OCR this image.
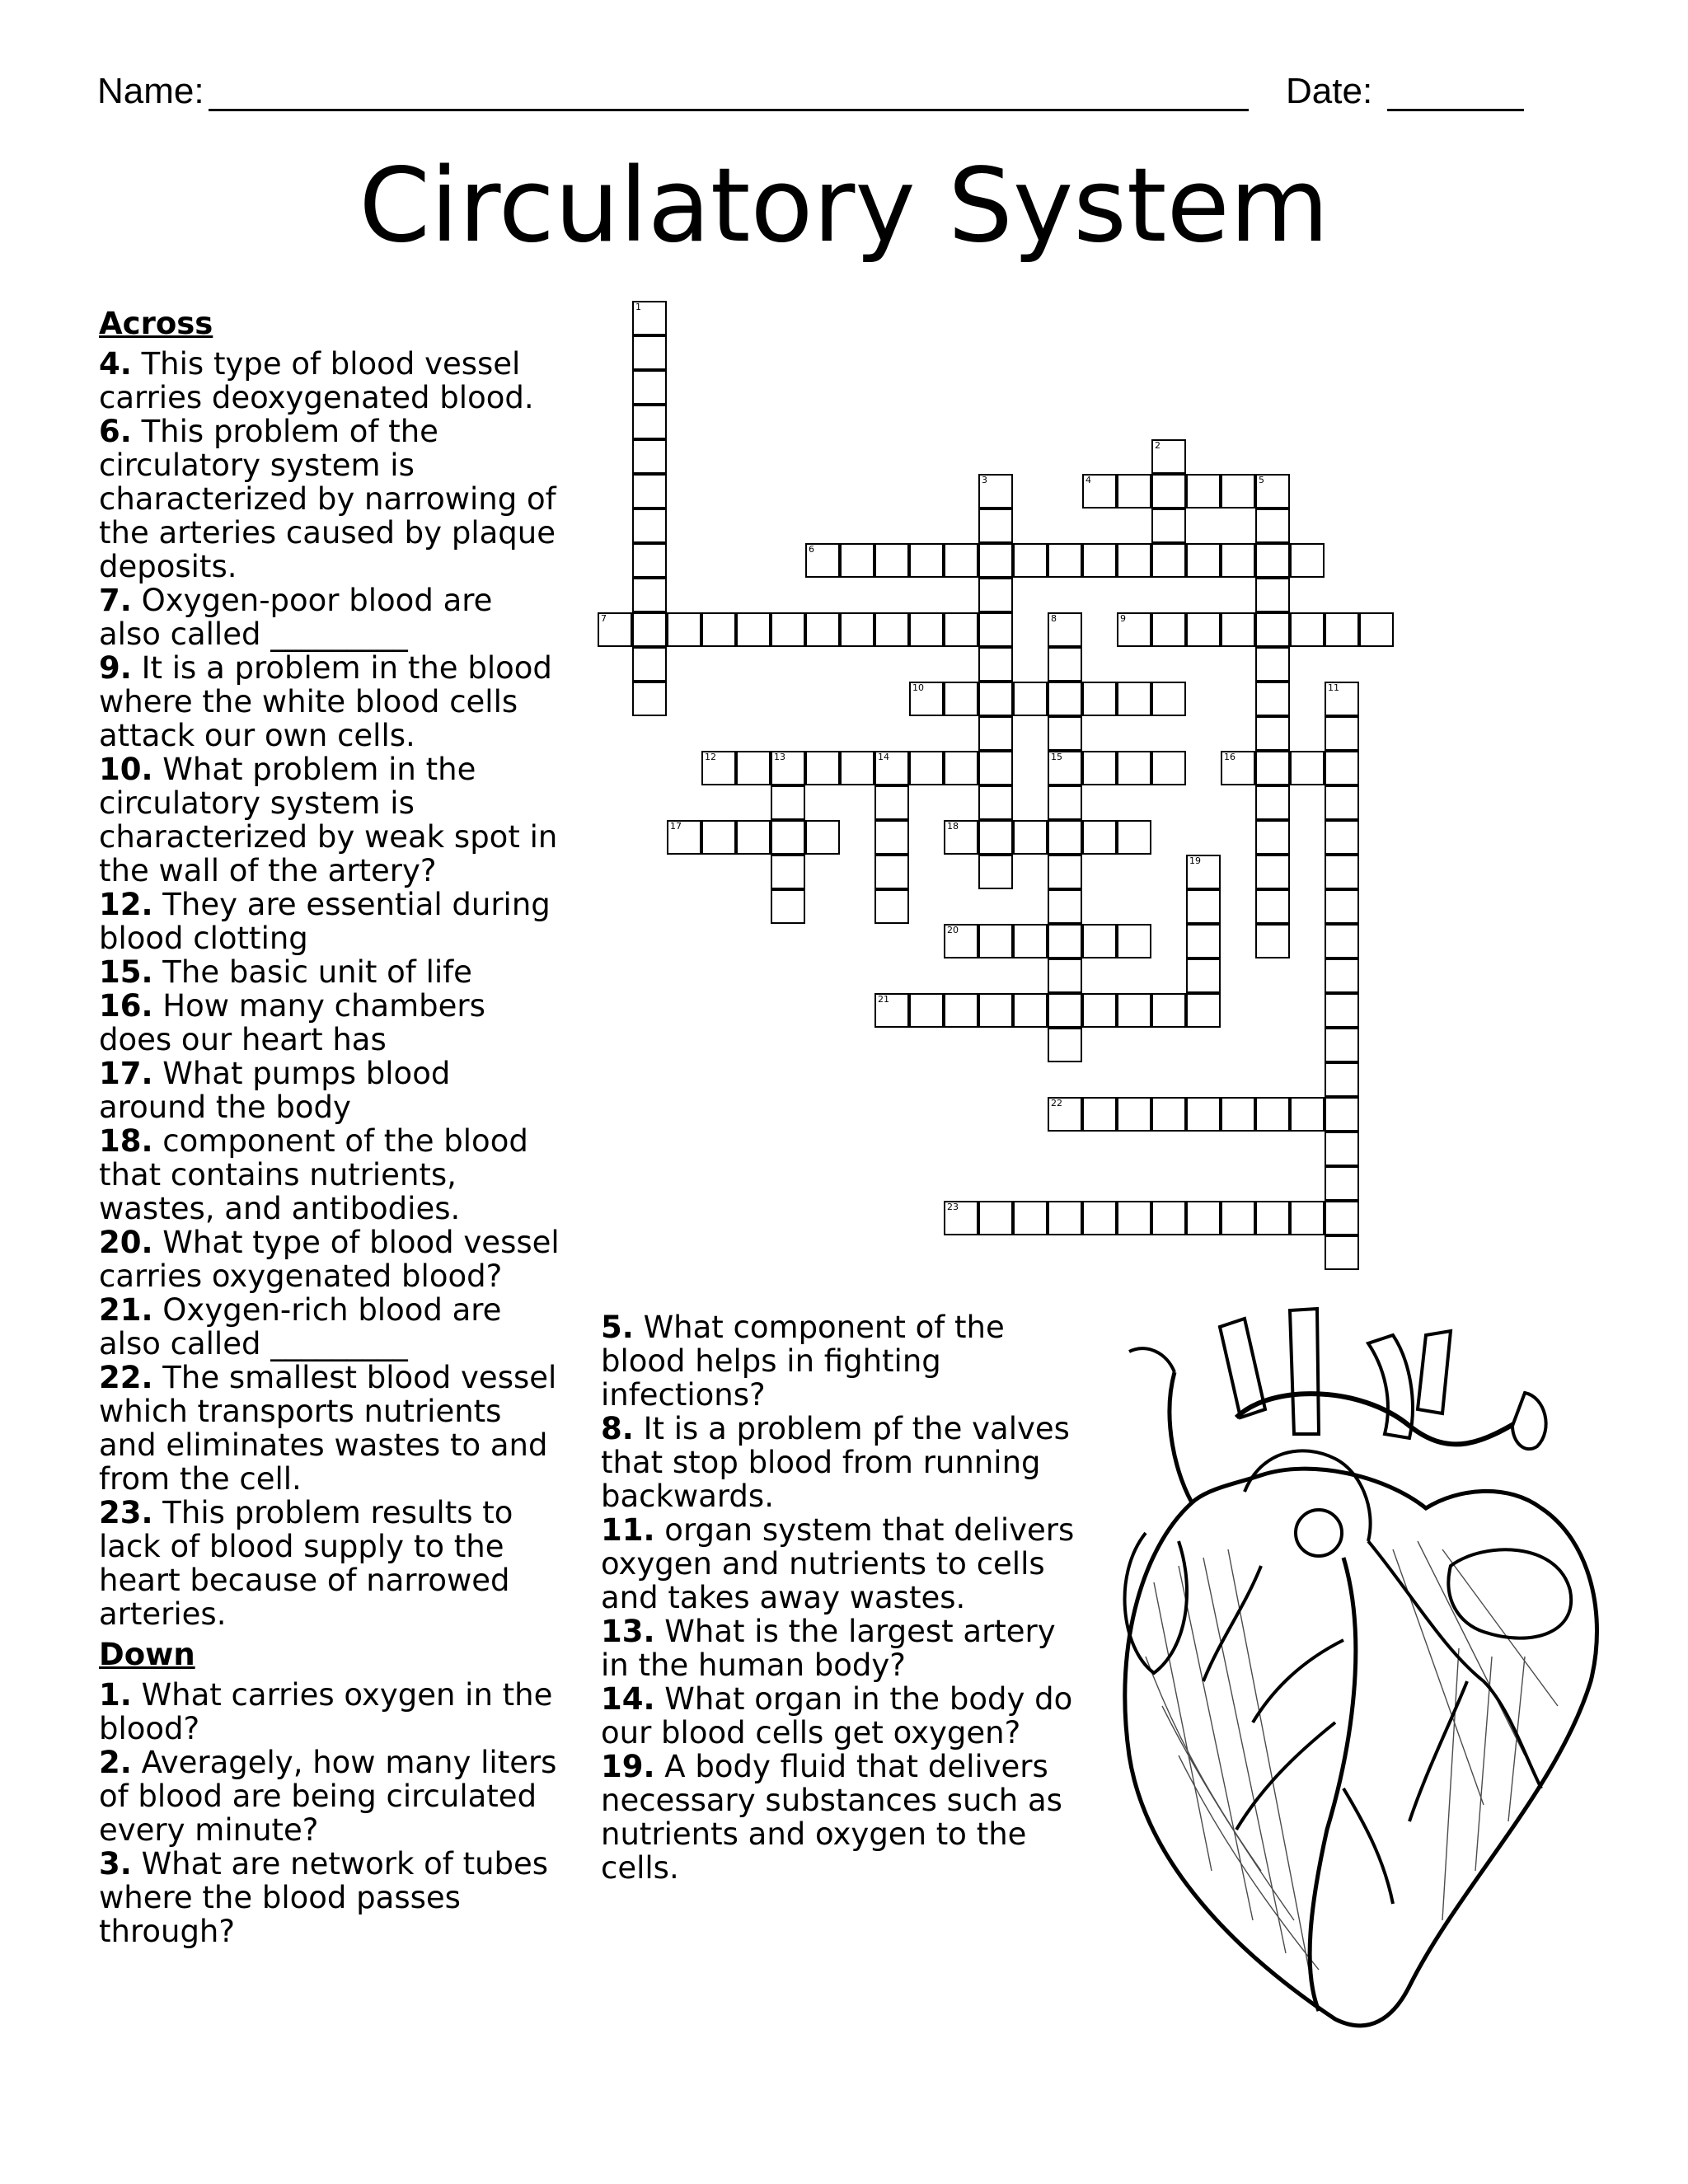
Name:	Date:
Circulatory System
Across
4. This type of blood vessel carries deoxygenated blood.
6. This problem of the circulatory system is characterized by narrowing of the arteries caused by plaque deposits.
7. Oxygen-poor blood are also called _________
9. It is a problem in the blood where the white blood cells attack our own cells.
10. What problem in the circulatory system is characterized by weak spot in the wall of the artery?
12. They are essential during blood clotting
15. The basic unit of life
16. How many chambers does our heart has
17. What pumps blood around the body
18. component of the blood that contains nutrients, wastes, and antibodies.
20. What type of blood vessel carries oxygenated blood?
21. Oxygen-rich blood are also called _________
22. The smallest blood vessel which transports nutrients and eliminates wastes to and from the cell.
23. This problem results to lack of blood supply to the heart because of narrowed arteries.
Down
1. What carries oxygen in the blood?
2. Averagely, how many liters of blood are being circulated every minute?
3. What are network of tubes where the blood passes through?
5. What component of the blood helps in fighting infections?
8. It is a problem pf the valves that stop blood from running backwards.
11. organ system that delivers oxygen and nutrients to cells and takes away wastes.
13. What is the largest artery in the human body?
14. What organ in the body do our blood cells get oxygen?
19. A body fluid that delivers necessary substances such as nutrients and oxygen to the cells.
1
2
3	4	5
6
7	8
15
9
10	11
12	13	14	16
17	18
19
20
21
22
23
